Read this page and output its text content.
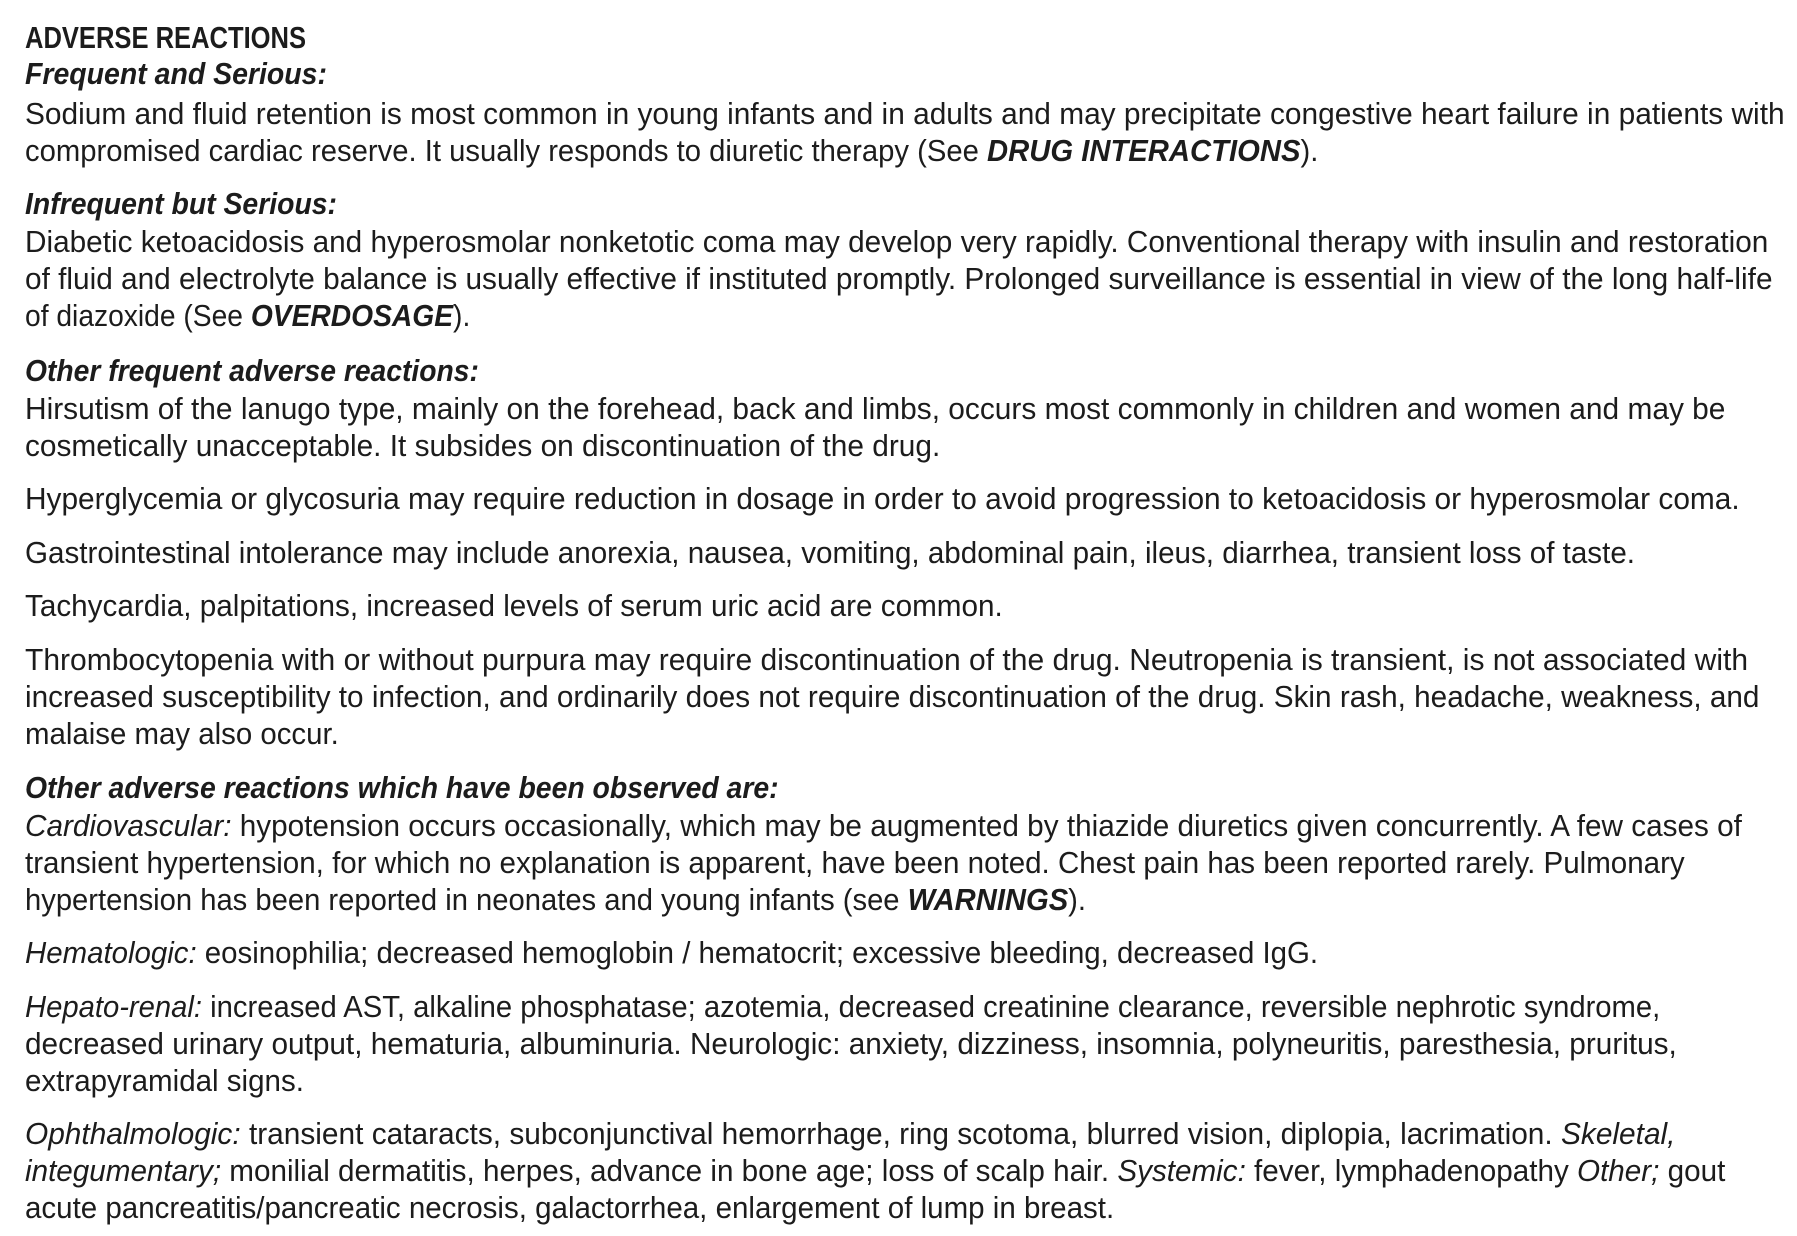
ADVERSE REACTIONS
Frequent and Serious:
Sodium and fluid retention is most common in young infants and in adults and may precipitate congestive heart failure in patients with
compromised cardiac reserve. It usually responds to diuretic therapy (See DRUG INTERACTIONS).
Infrequent but Serious:
Diabetic ketoacidosis and hyperosmolar nonketotic coma may develop very rapidly. Conventional therapy with insulin and restoration
of fluid and electrolyte balance is usually effective if instituted promptly. Prolonged surveillance is essential in view of the long half-life
of diazoxide (See OVERDOSAGE).
Other frequent adverse reactions:
Hirsutism of the lanugo type, mainly on the forehead, back and limbs, occurs most commonly in children and women and may be
cosmetically unacceptable. It subsides on discontinuation of the drug.
Hyperglycemia or glycosuria may require reduction in dosage in order to avoid progression to ketoacidosis or hyperosmolar coma.
Gastrointestinal intolerance may include anorexia, nausea, vomiting, abdominal pain, ileus, diarrhea, transient loss of taste.
Tachycardia, palpitations, increased levels of serum uric acid are common.
Thrombocytopenia with or without purpura may require discontinuation of the drug. Neutropenia is transient, is not associated with
increased susceptibility to infection, and ordinarily does not require discontinuation of the drug. Skin rash, headache, weakness, and
malaise may also occur.
Other adverse reactions which have been observed are:
Cardiovascular: hypotension occurs occasionally, which may be augmented by thiazide diuretics given concurrently. A few cases of
transient hypertension, for which no explanation is apparent, have been noted. Chest pain has been reported rarely. Pulmonary
hypertension has been reported in neonates and young infants (see WARNINGS).
Hematologic: eosinophilia; decreased hemoglobin / hematocrit; excessive bleeding, decreased IgG.
Hepato-renal: increased AST, alkaline phosphatase; azotemia, decreased creatinine clearance, reversible nephrotic syndrome,
decreased urinary output, hematuria, albuminuria. Neurologic: anxiety, dizziness, insomnia, polyneuritis, paresthesia, pruritus,
extrapyramidal signs.
Ophthalmologic: transient cataracts, subconjunctival hemorrhage, ring scotoma, blurred vision, diplopia, lacrimation. Skeletal,
integumentary; monilial dermatitis, herpes, advance in bone age; loss of scalp hair. Systemic: fever, lymphadenopathy Other; gout
acute pancreatitis/pancreatic necrosis, galactorrhea, enlargement of lump in breast.
